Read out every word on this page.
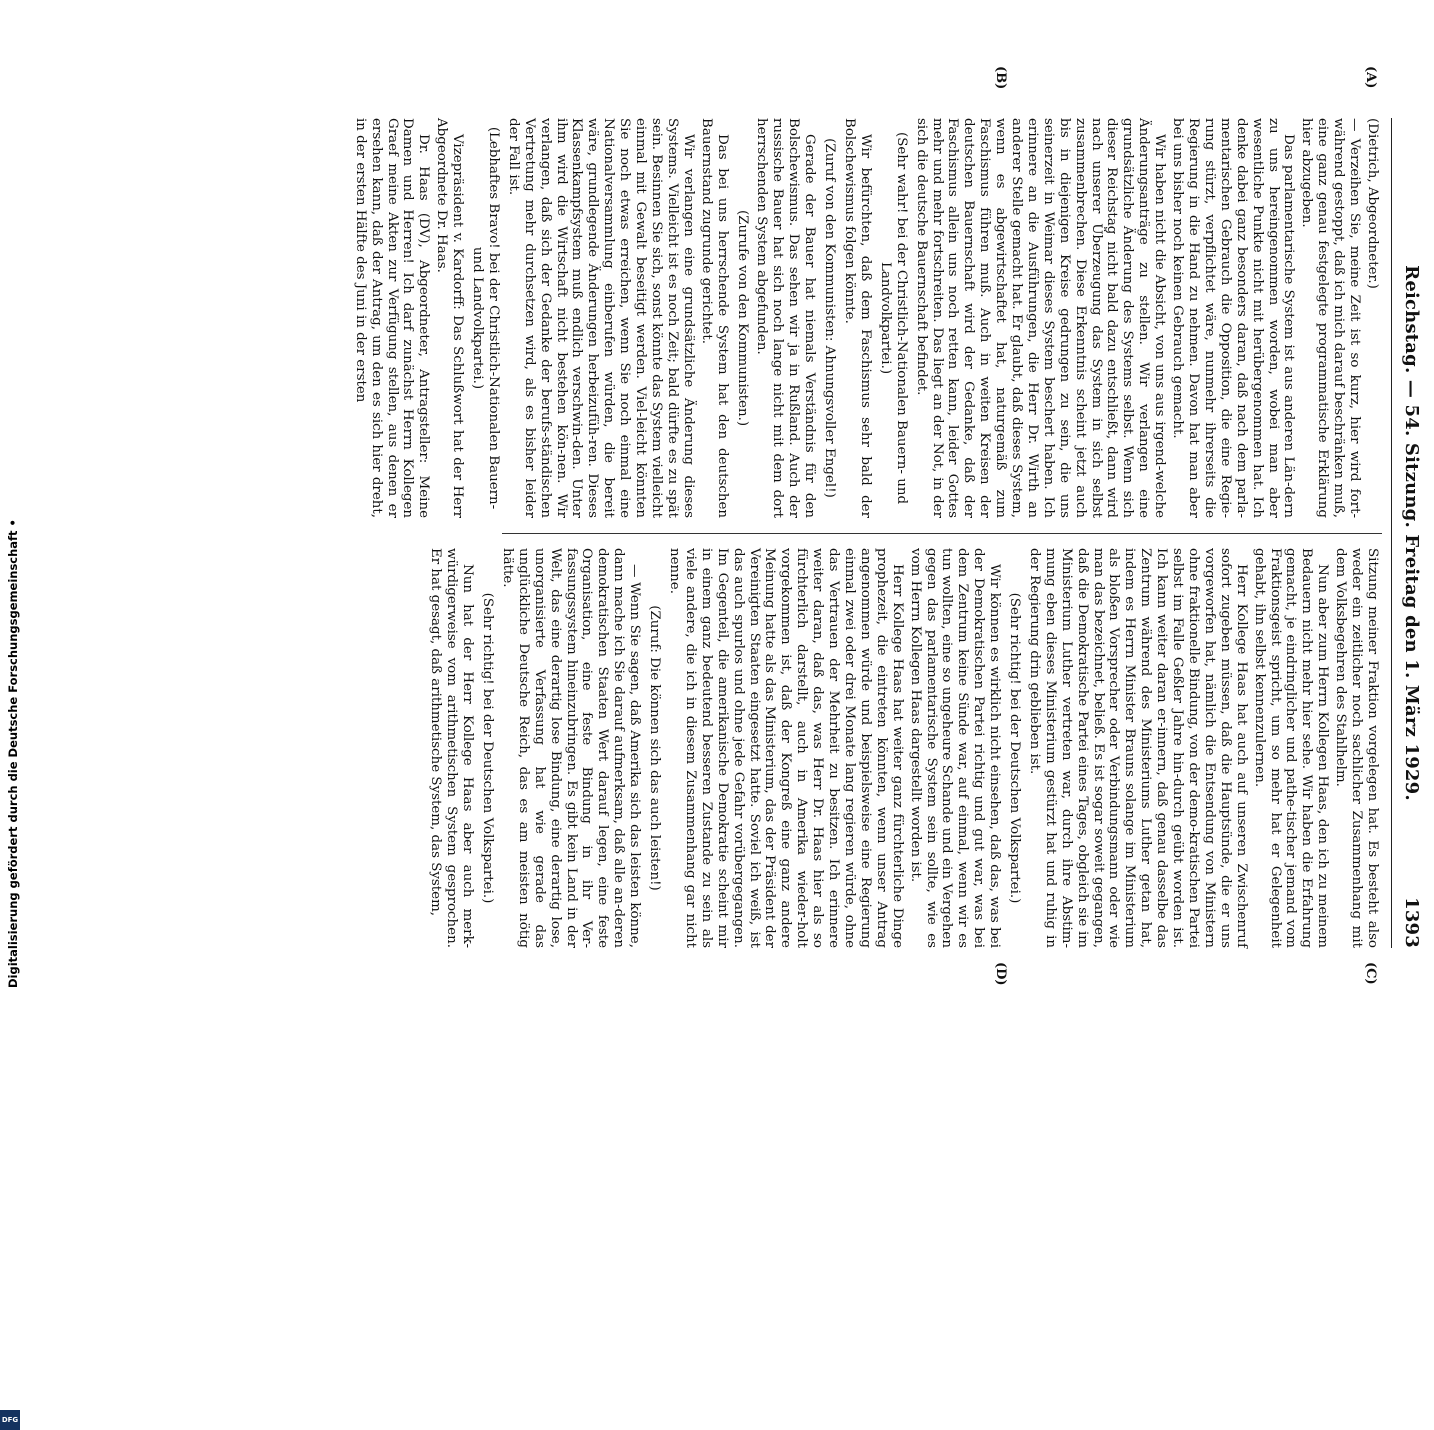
Reichstag. — 54. Sitzung. Freitag den 1. März 1929.
1393
(A)
(B)
(C)
(D)

(Dietrich, Abgeordneter.)

— Verzeihen Sie, meine Zeit ist so kurz, hier wird fort-während gestoppt, daß ich mich darauf beschränken muß, eine ganz genau festgelegte programmatische Erklärung hier abzugeben.

Das parlamentarische System ist aus anderen Län-dern zu uns hereingenommen worden, wobei man aber wesentliche Punkte nicht mit herübergenommen hat. Ich denke dabei ganz besonders daran, daß nach dem parla-mentarischen Gebrauch die Opposition, die eine Regie-rung stürzt, verpflichtet wäre, nunmehr ihrerseits die Regierung in die Hand zu nehmen. Davon hat man aber bei uns bisher noch keinen Gebrauch gemacht.

Wir haben nicht die Absicht, von uns aus irgend-welche Änderungsanträge zu stellen. Wir verlangen eine grundsätzliche Änderung des Systems selbst. Wenn sich dieser Reichstag nicht bald dazu entschließt, dann wird nach unserer Überzeugung das System in sich selbst zusammenbrechen. Diese Erkenntnis scheint jetzt auch bis in diejenigen Kreise gedrungen zu sein, die uns seinerzeit in Weimar dieses System beschert haben. Ich erinnere an die Ausführungen, die Herr Dr. Wirth an anderer Stelle gemacht hat. Er glaubt, daß dieses System, wenn es abgewirtschaftet hat, naturgemäß zum Faschismus führen muß. Auch in weiten Kreisen der deutschen Bauernschaft wird der Gedanke, daß der Faschismus allein uns noch retten kann, leider Gottes mehr und mehr fortschreiten. Das liegt an der Not, in der sich die deutsche Bauernschaft befindet.

(Sehr wahr! bei der Christlich-Nationalen Bauern- und Landvolkpartei.)

Wir befürchten, daß dem Faschismus sehr bald der Bolschewismus folgen könnte.

(Zuruf von den Kommunisten: Ahnungsvoller Engel!)

Gerade der Bauer hat niemals Verständnis für den Bolschewismus. Das sehen wir ja in Rußland. Auch der russische Bauer hat sich noch lange nicht mit dem dort herrschenden System abgefunden.

(Zurufe von den Kommunisten.)

Das bei uns herrschende System hat den deutschen Bauernstand zugrunde gerichtet.

Wir verlangen eine grundsätzliche Änderung dieses Systems. Vielleicht ist es noch Zeit; bald dürfte es zu spät sein. Besinnen Sie sich, sonst könnte das System vielleicht einmal mit Gewalt beseitigt werden. Viel-leicht könnten Sie noch etwas erreichen, wenn Sie noch einmal eine Nationalversammlung einberufen würden, die bereit wäre, grundlegende Änderungen herbeizufüh-ren. Dieses Klassenkampfsystem muß endlich verschwin-den. Unter ihm wird die Wirtschaft nicht bestehen kön-nen. Wir verlangen, daß sich der Gedanke der berufs-ständischen Vertretung mehr durchsetzen wird, als es bisher leider der Fall ist.

(Lebhaftes Bravo! bei der Christlich-Nationalen Bauern- und Landvolkpartei.)

Vizepräsident v. Kardorff: Das Schlußwort hat der Herr Abgeordnete Dr. Haas.

Dr. Haas (DV), Abgeordneter, Antragsteller: Meine Damen und Herren! Ich darf zunächst Herrn Kollegen Graef meine Akten zur Verfügung stellen, aus denen er ersehen kann, daß der Antrag, um den es sich hier dreht, in der ersten Hälfte des Juni in der ersten

Sitzung meiner Fraktion vorgelegen hat. Es besteht also weder ein zeitlicher noch sachlicher Zusammenhang mit dem Volksbegehren des Stahlhelm.

Nun aber zum Herrn Kollegen Haas, den ich zu meinem Bedauern nicht mehr hier sehe. Wir haben die Erfahrung gemacht, je eindringlicher und pathe-tischer jemand vom Fraktionsgeist spricht, um so mehr hat er Gelegenheit gehabt, ihn selbst kennenzulernen.

Herr Kollege Haas hat auch auf unseren Zwischenruf sofort zugeben müssen, daß die Hauptsünde, die er uns vorgeworfen hat, nämlich die Entsendung von Ministern ohne fraktionelle Bindung, von der demo-kratischen Partei selbst im Falle Geßler Jahre hin-durch geübt worden ist. Ich kann weiter daran er-innern, daß genau dasselbe das Zentrum während des Ministeriums Luther getan hat, indem es Herrn Minister Brauns solange im Ministerium als bloßen Vorsprecher oder Verbindungsmann oder wie man das bezeichnet, beließ. Es ist sogar soweit gegangen, daß die Demokratische Partei eines Tages, obgleich sie im Ministerium Luther vertreten war, durch ihre Abstim-mung eben dieses Ministerium gestürzt hat und ruhig in der Regierung drin geblieben ist.

(Sehr richtig! bei der Deutschen Volkspartei.)

Wir können es wirklich nicht einsehen, daß das, was bei der Demokratischen Partei richtig und gut war, was bei dem Zentrum keine Sünde war, auf einmal, wenn wir es tun wollten, eine so ungeheure Schande und ein Vergehen gegen das parlamentarische System sein sollte, wie es vom Herrn Kollegen Haas dargestellt worden ist.

Herr Kollege Haas hat weiter ganz fürchterliche Dinge prophezeit, die eintreten könnten, wenn unser Antrag angenommen würde und beispielsweise eine Regierung einmal zwei oder drei Monate lang regieren würde, ohne das Vertrauen der Mehrheit zu besitzen. Ich erinnere weiter daran, daß das, was Herr Dr. Haas hier als so fürchterlich darstellt, auch in Amerika wieder-holt vorgekommen ist, daß der Kongreß eine ganz andere Meinung hatte als das Ministerium, das der Präsident der Vereinigten Staaten eingesetzt hatte. Soviel ich weiß, ist das auch spurlos und ohne jede Gefahr vorübergegangen. Im Gegenteil, die amerikanische Demokratie scheint mir in einem ganz bedeutend besseren Zustande zu sein als viele andere, die ich in diesem Zusammenhang gar nicht nenne.

(Zuruf: Die können sich das auch leisten!)

— Wenn Sie sagen, daß Amerika sich das leisten könne, dann mache ich Sie darauf aufmerksam, daß alle an-deren demokratischen Staaten Wert darauf legen, eine feste Organisation, eine feste Bindung in ihr Ver-fassungssystem hineinzubringen. Es gibt kein Land in der Welt, das eine derartig lose Bindung, eine derartig lose, unorganisierte Verfassung hat wie gerade das unglückliche Deutsche Reich, das es am meisten nötig hätte.

(Sehr richtig! bei der Deutschen Volkspartei.)

Nun hat der Herr Kollege Haas aber auch merk-würdigerweise vom arithmetischen System gesprochen. Er hat gesagt, daß arithmetische System, das System,

DFG
Digitalisierung gefördert durch die Deutsche Forschungsgemeinschaft •
